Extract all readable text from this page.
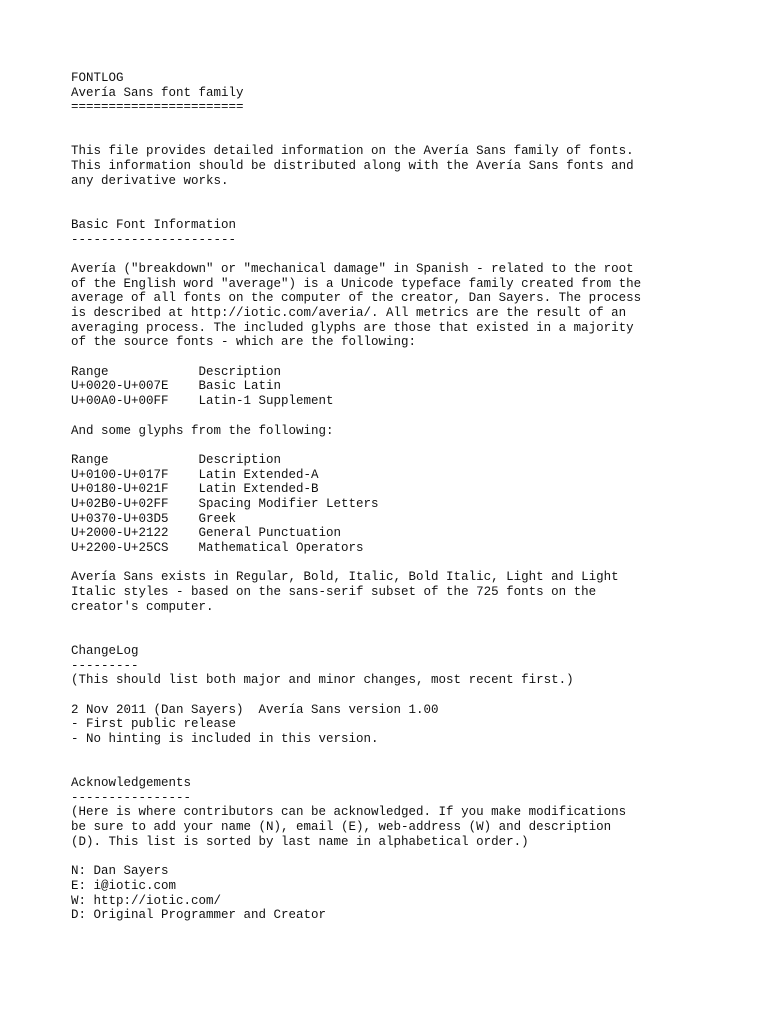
FONTLOG
Avería Sans font family
=======================
This file provides detailed information on the Avería Sans family of fonts.
This information should be distributed along with the Avería Sans fonts and
any derivative works.
Basic Font Information
----------------------
Avería ("breakdown" or "mechanical damage" in Spanish - related to the root
of the English word "average") is a Unicode typeface family created from the
average of all fonts on the computer of the creator, Dan Sayers. The process
is described at http://iotic.com/averia/. All metrics are the result of an
averaging process. The included glyphs are those that existed in a majority
of the source fonts - which are the following:
Range            Description
U+0020-U+007E    Basic Latin
U+00A0-U+00FF    Latin-1 Supplement
And some glyphs from the following:
Range            Description
U+0100-U+017F    Latin Extended-A
U+0180-U+021F    Latin Extended-B
U+02B0-U+02FF    Spacing Modifier Letters
U+0370-U+03D5    Greek
U+2000-U+2122    General Punctuation
U+2200-U+25CS    Mathematical Operators
Avería Sans exists in Regular, Bold, Italic, Bold Italic, Light and Light
Italic styles - based on the sans-serif subset of the 725 fonts on the
creator's computer.
ChangeLog
---------
(This should list both major and minor changes, most recent first.)
2 Nov 2011 (Dan Sayers)  Avería Sans version 1.00
- First public release
- No hinting is included in this version.
Acknowledgements
----------------
(Here is where contributors can be acknowledged. If you make modifications
be sure to add your name (N), email (E), web-address (W) and description
(D). This list is sorted by last name in alphabetical order.)
N: Dan Sayers
E: i@iotic.com
W: http://iotic.com/
D: Original Programmer and Creator
